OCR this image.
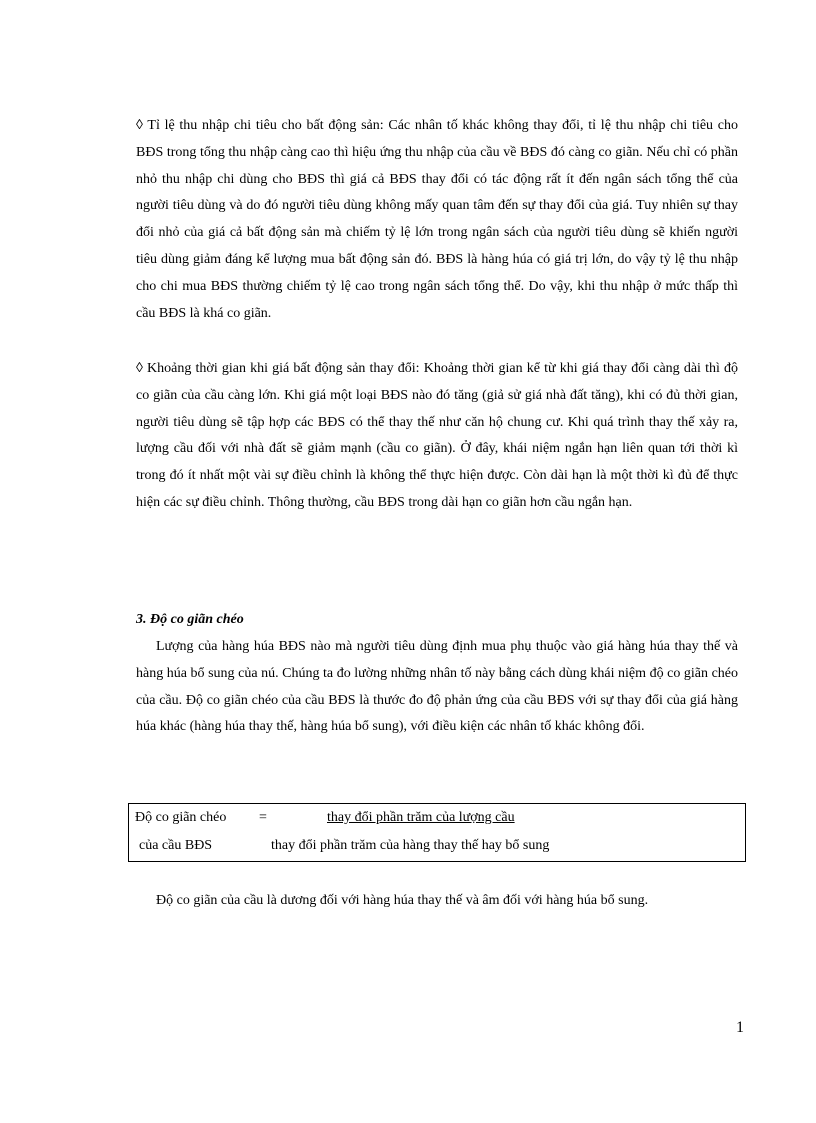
◊ Tỉ lệ thu nhập chi tiêu cho bất động sản: Các nhân tố khác không thay đổi, tỉ lệ thu nhập chi tiêu cho BĐS trong tổng thu nhập càng cao thì hiệu ứng thu nhập của cầu về BĐS đó càng co giãn. Nếu chỉ có phần nhỏ thu nhập chi dùng cho BĐS thì giá cả BĐS thay đổi có tác động rất ít đến ngân sách tổng thể của người tiêu dùng và do đó người tiêu dùng không mấy quan tâm đến sự thay đổi của giá. Tuy nhiên sự thay đổi nhỏ của giá cả bất động sản mà chiếm tỷ lệ lớn trong ngân sách của người tiêu dùng sẽ khiến người tiêu dùng giảm đáng kể lượng mua bất động sản đó. BĐS là hàng húa có giá trị lớn, do vậy tỷ lệ thu nhập cho chi mua BĐS thường chiếm tỷ lệ cao trong ngân sách tổng thể. Do vậy, khi thu nhập ở mức thấp thì cầu BĐS là khá co giãn.

◊ Khoảng thời gian khi giá bất động sản thay đổi: Khoảng thời gian kể từ khi giá thay đổi càng dài thì độ co giãn của cầu càng lớn. Khi giá một loại BĐS nào đó tăng (giả sử giá nhà đất tăng), khi có đủ thời gian, người tiêu dùng sẽ tập hợp các BĐS có thể thay thế như căn hộ chung cư. Khi quá trình thay thế xảy ra, lượng cầu đối với nhà đất sẽ giảm mạnh (cầu co giãn). Ở đây, khái niệm ngắn hạn liên quan tới thời kì trong đó ít nhất một vài sự điều chỉnh là không thể thực hiện được. Còn dài hạn là một thời kì đủ để thực hiện các sự điều chỉnh. Thông thường, cầu BĐS trong dài hạn co giãn hơn cầu ngắn hạn.

3. Độ co giãn chéo

Lượng của hàng húa BĐS nào mà người tiêu dùng định mua phụ thuộc vào giá hàng húa thay thế và hàng húa bổ sung của nú. Chúng ta đo lường những nhân tố này bằng cách dùng khái niệm độ co giãn chéo của cầu. Độ co giãn chéo của cầu BĐS là thước đo độ phản ứng của cầu BĐS với sự thay đổi của giá hàng húa khác (hàng húa thay thế, hàng húa bổ sung), với điều kiện các nhân tố khác không đổi.

Độ co giãn chéo =	thay đổi phần trăm của lượng cầu
của cầu BĐS	thay đổi phần trăm của hàng thay thế hay bổ sung

Độ co giãn của cầu là dương đối với hàng húa thay thế và âm đối với hàng húa bổ sung.

1
